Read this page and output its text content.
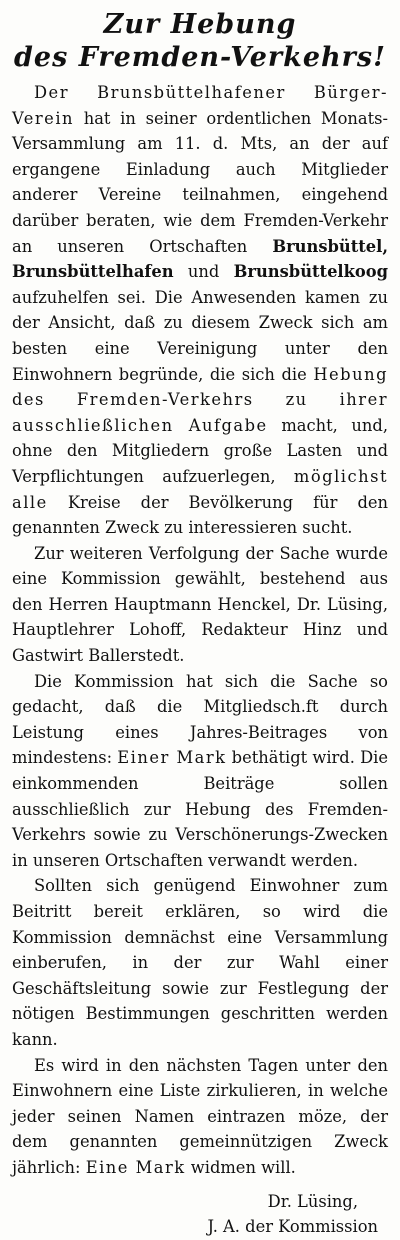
Zur Hebung
des Fremden-Verkehrs!

Der Brunsbüttelhafener Bürger-Verein hat in seiner ordentlichen Monats-Versammlung am 11. d. Mts, an der auf ergangene Einladung auch Mitglieder anderer Vereine teilnahmen, eingehend darüber beraten, wie dem Fremden-Verkehr an unseren Ortschaften Brunsbüttel, Brunsbüttelhafen und Brunsbüttelkoog aufzuhelfen sei. Die Anwesenden kamen zu der Ansicht, daß zu diesem Zweck sich am besten eine Vereinigung unter den Einwohnern begründe, die sich die Hebung des Fremden-Verkehrs zu ihrer ausschließlichen Aufgabe macht, und, ohne den Mitgliedern große Lasten und Verpflichtungen aufzuerlegen, möglichst alle Kreise der Bevölkerung für den genannten Zweck zu interessieren sucht.

Zur weiteren Verfolgung der Sache wurde eine Kommission gewählt, bestehend aus den Herren Hauptmann Henckel, Dr. Lüsing, Hauptlehrer Lohoff, Redakteur Hinz und Gastwirt Ballerstedt.

Die Kommission hat sich die Sache so gedacht, daß die Mitgliedsch.ft durch Leistung eines Jahres-Beitrages von mindestens: Einer Mark bethätigt wird. Die einkommenden Beiträge sollen ausschließlich zur Hebung des Fremden-Verkehrs sowie zu Verschönerungs-Zwecken in unseren Ortschaften verwandt werden.

Sollten sich genügend Einwohner zum Beitritt bereit erklären, so wird die Kommission demnächst eine Versammlung einberufen, in der zur Wahl einer Geschäftsleitung sowie zur Festlegung der nötigen Bestimmungen geschritten werden kann.

Es wird in den nächsten Tagen unter den Einwohnern eine Liste zirkulieren, in welche jeder seinen Namen eintrazen möze, der dem genannten gemeinnützigen Zweck jährlich: Eine Mark widmen will.

Dr. Lüsing,
J. A. der Kommission
